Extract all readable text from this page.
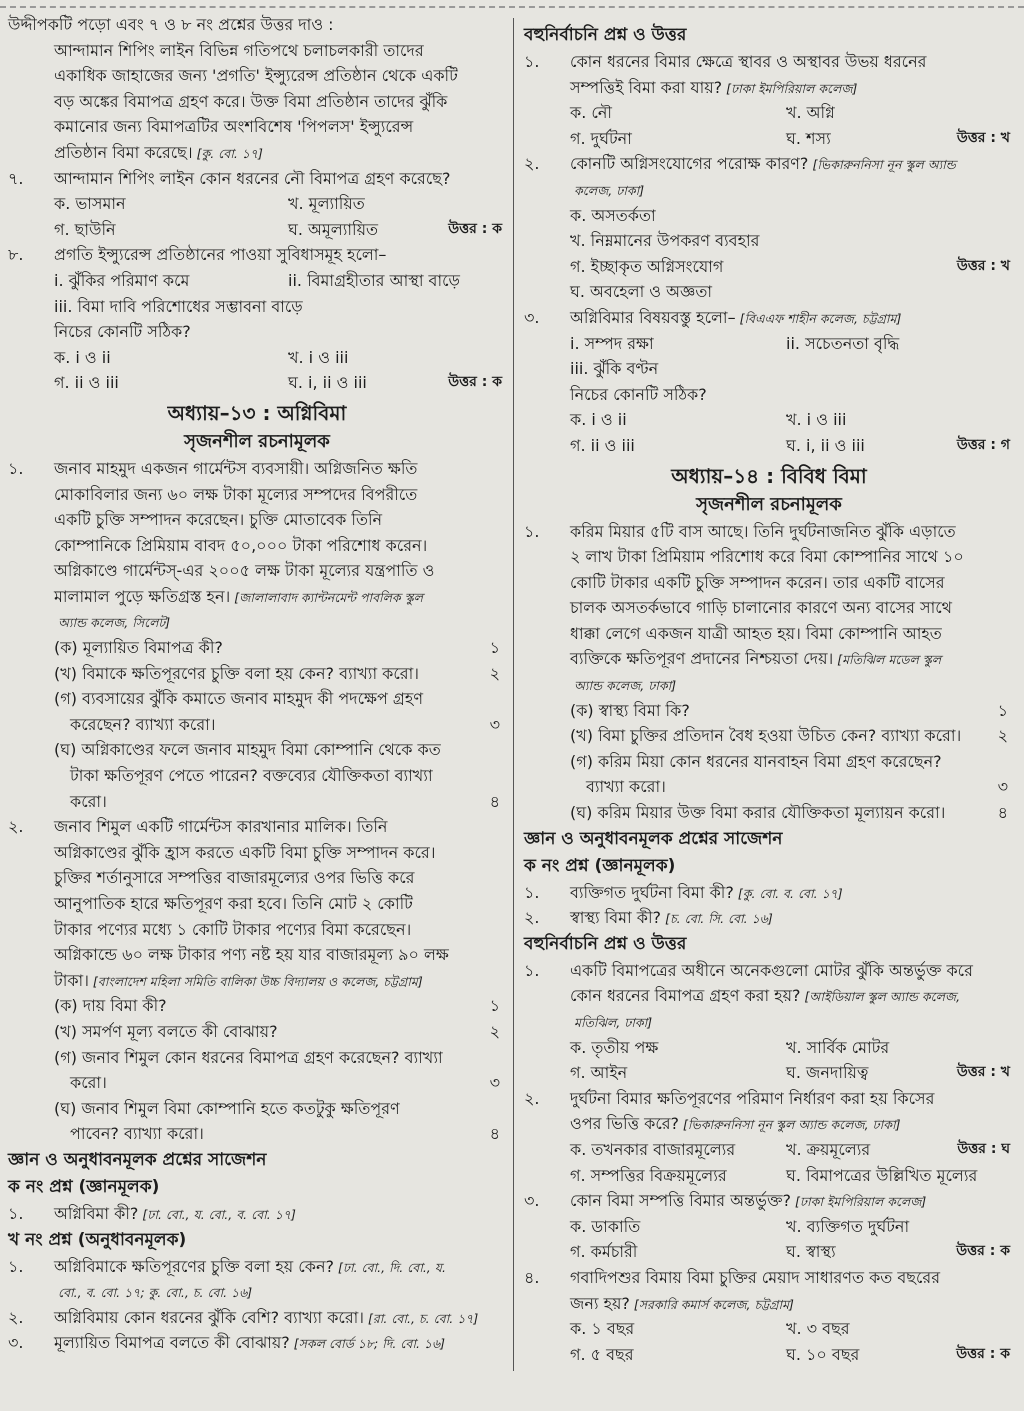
উদ্দীপকটি পড়ো এবং ৭ ও ৮ নং প্রশ্নের উত্তর দাও :
আন্দামান শিপিং লাইন বিভিন্ন গতিপথে চলাচলকারী তাদের
একাধিক জাহাজের জন্য 'প্রগতি' ইন্স্যুরেন্স প্রতিষ্ঠান থেকে একটি
বড় অঙ্কের বিমাপত্র গ্রহণ করে। উক্ত বিমা প্রতিষ্ঠান তাদের ঝুঁকি
কমানোর জন্য বিমাপত্রটির অংশবিশেষ 'পিপলস' ইন্স্যুরেন্স
প্রতিষ্ঠান বিমা করেছে। [কু. বো. ১৭]
৭. আন্দামান শিপিং লাইন কোন ধরনের নৌ বিমাপত্র গ্রহণ করেছে?
ক. ভাসমান	খ. মূল্যায়িত
গ. ছাউনি	ঘ. অমূল্যায়িত	উত্তর : ক
৮. প্রগতি ইন্স্যুরেন্স প্রতিষ্ঠানের পাওয়া সুবিধাসমূহ হলো–
i. ঝুঁকির পরিমাণ কমে	ii. বিমাগ্রহীতার আস্থা বাড়ে
iii. বিমা দাবি পরিশোধের সম্ভাবনা বাড়ে
নিচের কোনটি সঠিক?
ক. i ও ii	খ. i ও iii
গ. ii ও iii	ঘ. i, ii ও iii	উত্তর : ক
অধ্যায়–১৩ : অগ্নিবিমা
সৃজনশীল রচনামূলক
১. জনাব মাহমুদ একজন গার্মেন্টস ব্যবসায়ী। অগ্নিজনিত ক্ষতি
মোকাবিলার জন্য ৬০ লক্ষ টাকা মূল্যের সম্পদের বিপরীতে
একটি চুক্তি সম্পাদন করেছেন। চুক্তি মোতাবেক তিনি
কোম্পানিকে প্রিমিয়াম বাবদ ৫০,০০০ টাকা পরিশোধ করেন।
অগ্নিকাণ্ডে গার্মেন্টস্-এর ২০০৫ লক্ষ টাকা মূল্যের যন্ত্রপাতি ও
মালামাল পুড়ে ক্ষতিগ্রস্ত হন। [জালালাবাদ ক্যান্টনমেন্ট পাবলিক স্কুল
অ্যান্ড কলেজ, সিলেট]
(ক) মূল্যায়িত বিমাপত্র কী?	১
(খ) বিমাকে ক্ষতিপূরণের চুক্তি বলা হয় কেন? ব্যাখ্যা করো।	২
(গ) ব্যবসায়ের ঝুঁকি কমাতে জনাব মাহমুদ কী পদক্ষেপ গ্রহণ
করেছেন? ব্যাখ্যা করো।	৩
(ঘ) অগ্নিকাণ্ডের ফলে জনাব মাহমুদ বিমা কোম্পানি থেকে কত
টাকা ক্ষতিপূরণ পেতে পারেন? বক্তব্যের যৌক্তিকতা ব্যাখ্যা
করো।	৪
২. জনাব শিমুল একটি গার্মেন্টস কারখানার মালিক। তিনি
অগ্নিকাণ্ডের ঝুঁকি হ্রাস করতে একটি বিমা চুক্তি সম্পাদন করে।
চুক্তির শর্তানুসারে সম্পত্তির বাজারমূল্যের ওপর ভিত্তি করে
আনুপাতিক হারে ক্ষতিপূরণ করা হবে। তিনি মোট ২ কোটি
টাকার পণ্যের মধ্যে ১ কোটি টাকার পণ্যের বিমা করেছেন।
অগ্নিকান্ডে ৬০ লক্ষ টাকার পণ্য নষ্ট হয় যার বাজারমূল্য ৯০ লক্ষ
টাকা। [বাংলাদেশ মহিলা সমিতি বালিকা উচ্চ বিদ্যালয় ও কলেজ, চট্টগ্রাম]
(ক) দায় বিমা কী?	১
(খ) সমর্পণ মূল্য বলতে কী বোঝায়?	২
(গ) জনাব শিমুল কোন ধরনের বিমাপত্র গ্রহণ করেছেন? ব্যাখ্যা
করো।	৩
(ঘ) জনাব শিমুল বিমা কোম্পানি হতে কতটুকু ক্ষতিপূরণ
পাবেন? ব্যাখ্যা করো।	৪
জ্ঞান ও অনুধাবনমূলক প্রশ্নের সাজেশন
ক নং প্রশ্ন (জ্ঞানমূলক)
১. অগ্নিবিমা কী? [ঢা. বো., য. বো., ব. বো. ১৭]
খ নং প্রশ্ন (অনুধাবনমূলক)
১. অগ্নিবিমাকে ক্ষতিপূরণের চুক্তি বলা হয় কেন? [ঢা. বো., দি. বো., য.
বো., ব. বো. ১৭; কু. বো., চ. বো. ১৬]
২. অগ্নিবিমায় কোন ধরনের ঝুঁকি বেশি? ব্যাখ্যা করো। [রা. বো., চ. বো. ১৭]
৩. মূল্যায়িত বিমাপত্র বলতে কী বোঝায়? [সকল বোর্ড ১৮; দি. বো. ১৬]
বহুনির্বাচনি প্রশ্ন ও উত্তর
১. কোন ধরনের বিমার ক্ষেত্রে স্থাবর ও অস্থাবর উভয় ধরনের
সম্পত্তিই বিমা করা যায়? [ঢাকা ইমপিরিয়াল কলেজ]
ক. নৌ	খ. অগ্নি
গ. দুর্ঘটনা	ঘ. শস্য	উত্তর : খ
২. কোনটি অগ্নিসংযোগের পরোক্ষ কারণ? [ভিকারুননিসা নূন স্কুল অ্যান্ড
কলেজ, ঢাকা]
ক. অসতর্কতা
খ. নিম্নমানের উপকরণ ব্যবহার
গ. ইচ্ছাকৃত অগ্নিসংযোগ	উত্তর : খ
ঘ. অবহেলা ও অজ্ঞতা
৩. অগ্নিবিমার বিষয়বস্তু হলো– [বিএএফ শাহীন কলেজ, চট্টগ্রাম]
i. সম্পদ রক্ষা	ii. সচেতনতা বৃদ্ধি
iii. ঝুঁকি বণ্টন
নিচের কোনটি সঠিক?
ক. i ও ii	খ. i ও iii
গ. ii ও iii	ঘ. i, ii ও iii	উত্তর : গ
অধ্যায়–১৪ : বিবিধ বিমা
সৃজনশীল রচনামূলক
১. করিম মিয়ার ৫টি বাস আছে। তিনি দুর্ঘটনাজনিত ঝুঁকি এড়াতে
২ লাখ টাকা প্রিমিয়াম পরিশোধ করে বিমা কোম্পানির সাথে ১০
কোটি টাকার একটি চুক্তি সম্পাদন করেন। তার একটি বাসের
চালক অসতর্কভাবে গাড়ি চালানোর কারণে অন্য বাসের সাথে
ধাক্কা লেগে একজন যাত্রী আহত হয়। বিমা কোম্পানি আহত
ব্যক্তিকে ক্ষতিপূরণ প্রদানের নিশ্চয়তা দেয়। [মতিঝিল মডেল স্কুল
অ্যান্ড কলেজ, ঢাকা]
(ক) স্বাস্থ্য বিমা কি?	১
(খ) বিমা চুক্তির প্রতিদান বৈধ হওয়া উচিত কেন? ব্যাখ্যা করো। ২
(গ) করিম মিয়া কোন ধরনের যানবাহন বিমা গ্রহণ করেছেন?
ব্যাখ্যা করো।	৩
(ঘ) করিম মিয়ার উক্ত বিমা করার যৌক্তিকতা মূল্যায়ন করো।	৪
জ্ঞান ও অনুধাবনমূলক প্রশ্নের সাজেশন
ক নং প্রশ্ন (জ্ঞানমূলক)
১. ব্যক্তিগত দুর্ঘটনা বিমা কী? [কু. বো. ব. বো. ১৭]
২. স্বাস্থ্য বিমা কী? [চ. বো. সি. বো. ১৬]
বহুনির্বাচনি প্রশ্ন ও উত্তর
১. একটি বিমাপত্রের অধীনে অনেকগুলো মোটর ঝুঁকি অন্তর্ভুক্ত করে
কোন ধরনের বিমাপত্র গ্রহণ করা হয়? [আইডিয়াল স্কুল অ্যান্ড কলেজ,
মতিঝিল, ঢাকা]
ক. তৃতীয় পক্ষ	খ. সার্বিক মোটর
গ. আইন	ঘ. জনদায়িত্ব	উত্তর : খ
২. দুর্ঘটনা বিমার ক্ষতিপূরণের পরিমাণ নির্ধারণ করা হয় কিসের
ওপর ভিত্তি করে? [ভিকারুননিসা নূন স্কুল অ্যান্ড কলেজ, ঢাকা]
ক. তখনকার বাজারমূল্যের	খ. ক্রয়মূল্যের	উত্তর : ঘ
গ. সম্পত্তির বিক্রয়মূল্যের	ঘ. বিমাপত্রের উল্লিখিত মূল্যের
৩. কোন বিমা সম্পত্তি বিমার অন্তর্ভুক্ত? [ঢাকা ইমপিরিয়াল কলেজ]
ক. ডাকাতি	খ. ব্যক্তিগত দুর্ঘটনা
গ. কর্মচারী	ঘ. স্বাস্থ্য	উত্তর : ক
৪. গবাদিপশুর বিমায় বিমা চুক্তির মেয়াদ সাধারণত কত বছরের
জন্য হয়? [সরকারি কমার্স কলেজ, চট্টগ্রাম]
ক. ১ বছর	খ. ৩ বছর
গ. ৫ বছর	ঘ. ১০ বছর	উত্তর : ক
